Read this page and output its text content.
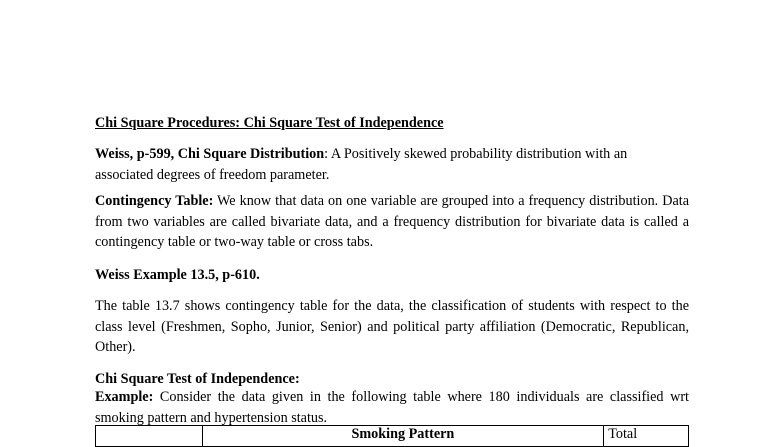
Chi Square Procedures: Chi Square Test of Independence
Weiss, p-599, Chi Square Distribution: A Positively skewed probability distribution with an associated degrees of freedom parameter.
Contingency Table: We know that data on one variable are grouped into a frequency distribution. Data from two variables are called bivariate data, and a frequency distribution for bivariate data is called a contingency table or two-way table or cross tabs.
Weiss Example 13.5, p-610.
The table 13.7 shows contingency table for the data, the classification of students with respect to the class level (Freshmen, Sopho, Junior, Senior) and political party affiliation (Democratic, Republican, Other).
Chi Square Test of Independence:
Example: Consider the data given in the following table where 180 individuals are classified wrt smoking pattern and hypertension status.
	Smoking Pattern	Total
